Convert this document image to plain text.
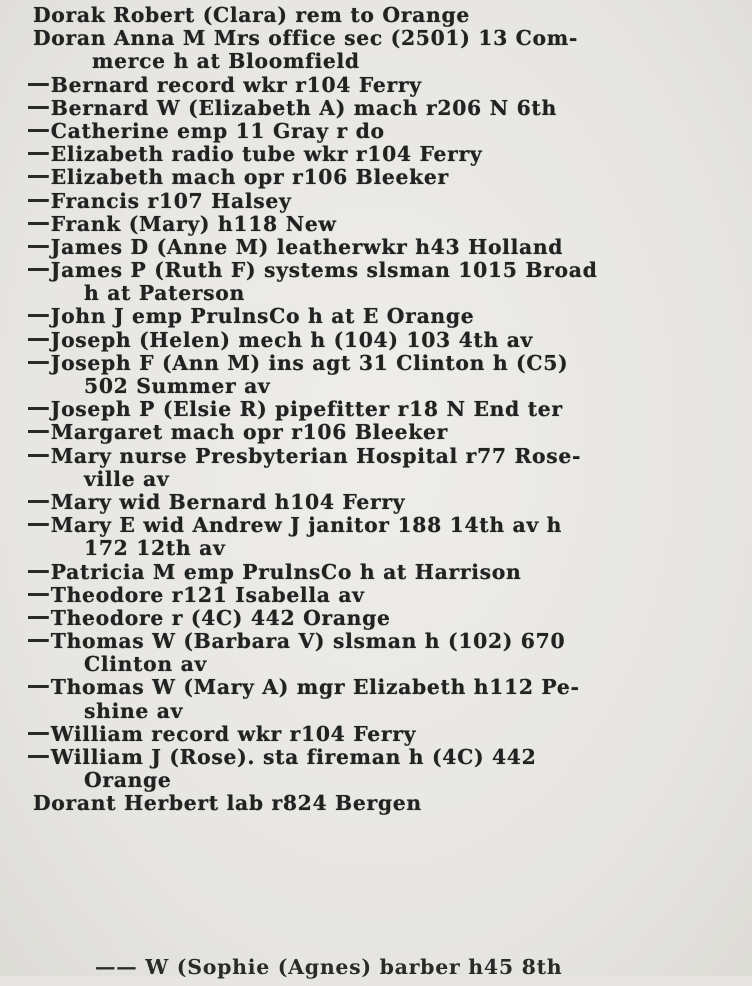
Dorak Robert (Clara) rem to Orange
Doran Anna M Mrs office sec (2501) 13 Com-
merce h at Bloomfield
Bernard record wkr r104 Ferry
Bernard W (Elizabeth A) mach r206 N 6th
Catherine emp 11 Gray r do
Elizabeth radio tube wkr r104 Ferry
Elizabeth mach opr r106 Bleeker
Francis r107 Halsey
Frank (Mary) h118 New
James D (Anne M) leatherwkr h43 Holland
James P (Ruth F) systems slsman 1015 Broad
h at Paterson
John J emp PrulnsCo h at E Orange
Joseph (Helen) mech h (104) 103 4th av
Joseph F (Ann M) ins agt 31 Clinton h (C5)
502 Summer av
Joseph P (Elsie R) pipefitter r18 N End ter
Margaret mach opr r106 Bleeker
Mary nurse Presbyterian Hospital r77 Rose-
ville av
Mary wid Bernard h104 Ferry
Mary E wid Andrew J janitor 188 14th av h
172 12th av
Patricia M emp PrulnsCo h at Harrison
Theodore r121 Isabella av
Theodore r (4C) 442 Orange
Thomas W (Barbara V) slsman h (102) 670
Clinton av
Thomas W (Mary A) mgr Elizabeth h112 Pe-
shine av
William record wkr r104 Ferry
William J (Rose). sta fireman h (4C) 442
Orange
Dorant Herbert lab r824 Bergen
—— W (Sophie (Agnes) barber h45 8th
